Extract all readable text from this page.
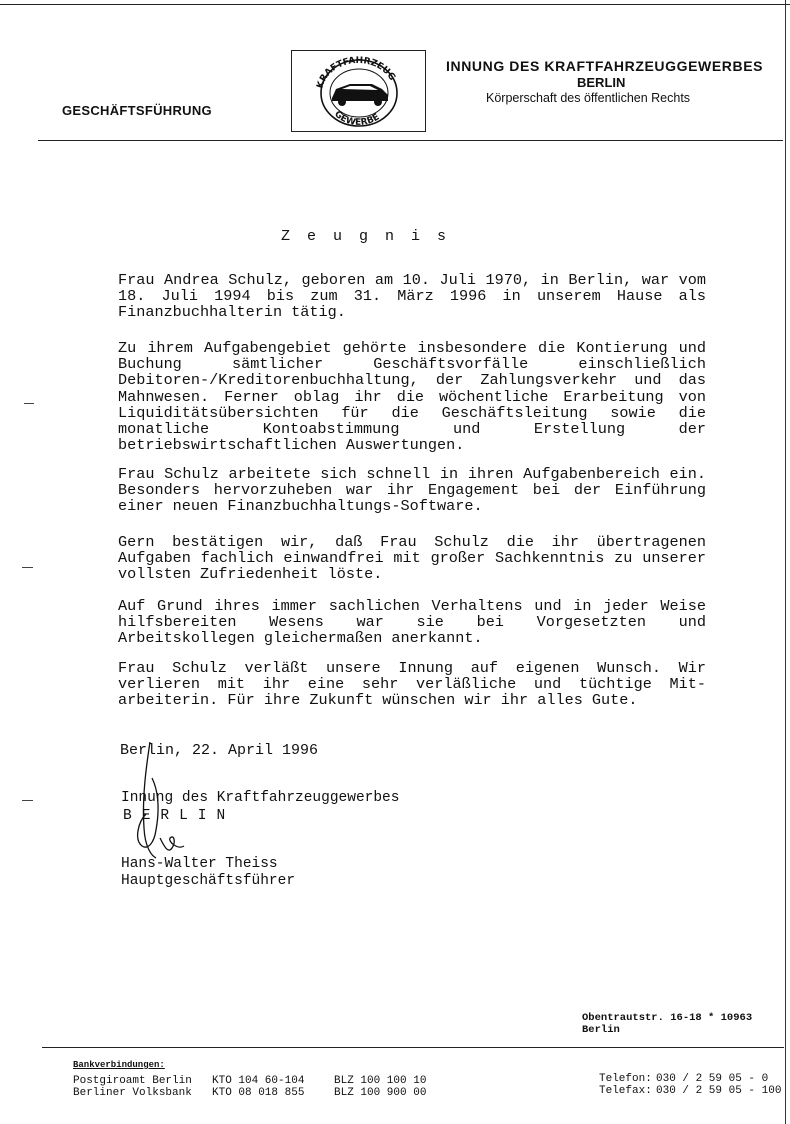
KRAFTFAHRZEUG
GEWERBE
GESCHÄFTSFÜHRUNG
INNUNG DES KRAFTFAHRZEUGGEWERBES
BERLIN
Körperschaft des öffentlichen Rechts
Zeugnis
Frau Andrea Schulz, geboren am 10. Juli 1970, in Berlin, war vom 18. Juli 1994 bis zum 31. März 1996 in unserem Hause als Finanzbuchhalterin tätig.
Zu ihrem Aufgabengebiet gehörte insbesondere die Kontierung und Buchung sämtlicher Geschäftsvorfälle einschließlich Debitoren-/Kreditorenbuchhaltung, der Zahlungsverkehr und das Mahnwesen. Ferner oblag ihr die wöchentliche Erarbeitung von Liquiditätsübersichten für die Geschäftsleitung sowie die monatliche Kontoabstimmung und Erstellung der betriebswirtschaftlichen Auswertungen.
Frau Schulz arbeitete sich schnell in ihren Aufgabenbereich ein. Besonders hervorzuheben war ihr Engagement bei der Einführung einer neuen Finanzbuchhaltungs-Software.
Gern bestätigen wir, daß Frau Schulz die ihr übertragenen Aufgaben fachlich einwandfrei mit großer Sachkenntnis zu unserer vollsten Zufriedenheit löste.
Auf Grund ihres immer sachlichen Verhaltens und in jeder Weise hilfsbereiten Wesens war sie bei Vorgesetzten und Arbeitskollegen gleichermaßen anerkannt.
Frau Schulz verläßt unsere Innung auf eigenen Wunsch. Wir verlieren mit ihr eine sehr verläßliche und tüchtige Mit-arbeiterin. Für ihre Zukunft wünschen wir ihr alles Gute.
Berlin, 22. April 1996
Innung des Kraftfahrzeuggewerbes
BERLIN
Hans-Walter Theiss
Hauptgeschäftsführer
Obentrautstr. 16-18 * 10963 Berlin
Bankverbindungen:
Postgiroamt Berlin KTO 104 60-104	BLZ 100 100 10
Berliner Volksbank KTO 08 018 855	BLZ 100 900 00
Telefon: 030 / 2 59 05 - 0
Telefax: 030 / 2 59 05 - 100
